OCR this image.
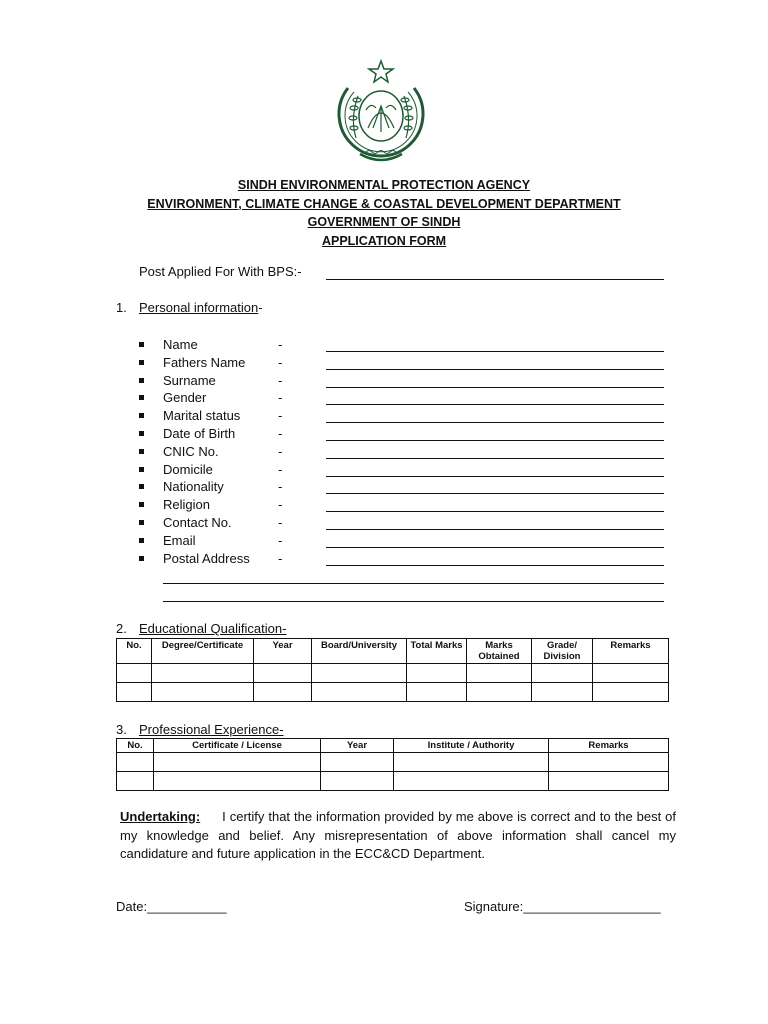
SINDH ENVIRONMENTAL PROTECTION AGENCY
ENVIRONMENT, CLIMATE CHANGE & COASTAL DEVELOPMENT DEPARTMENT
GOVERNMENT OF SINDH
APPLICATION FORM
Post Applied For With BPS:-
1. Personal information-
Name	-
Fathers Name	-
Surname	-
Gender	-
Marital status	-
Date of Birth	-
CNIC No.	-
Domicile	-
Nationality	-
Religion	-
Contact No.	-
Email	-
Postal Address -
2. Educational Qualification-
No.	Degree/Certificate	Year	Board/University	Total Marks	Marks Obtained	Grade/ Division	Remarks

3. Professional Experience-
No.	Certificate / License	Year	Institute / Authority	Remarks

Undertaking: I certify that the information provided by me above is correct and to the best of my knowledge and belief. Any misrepresentation of above information shall cancel my candidature and future application in the ECC&CD Department.
Date:___________	Signature:___________________
